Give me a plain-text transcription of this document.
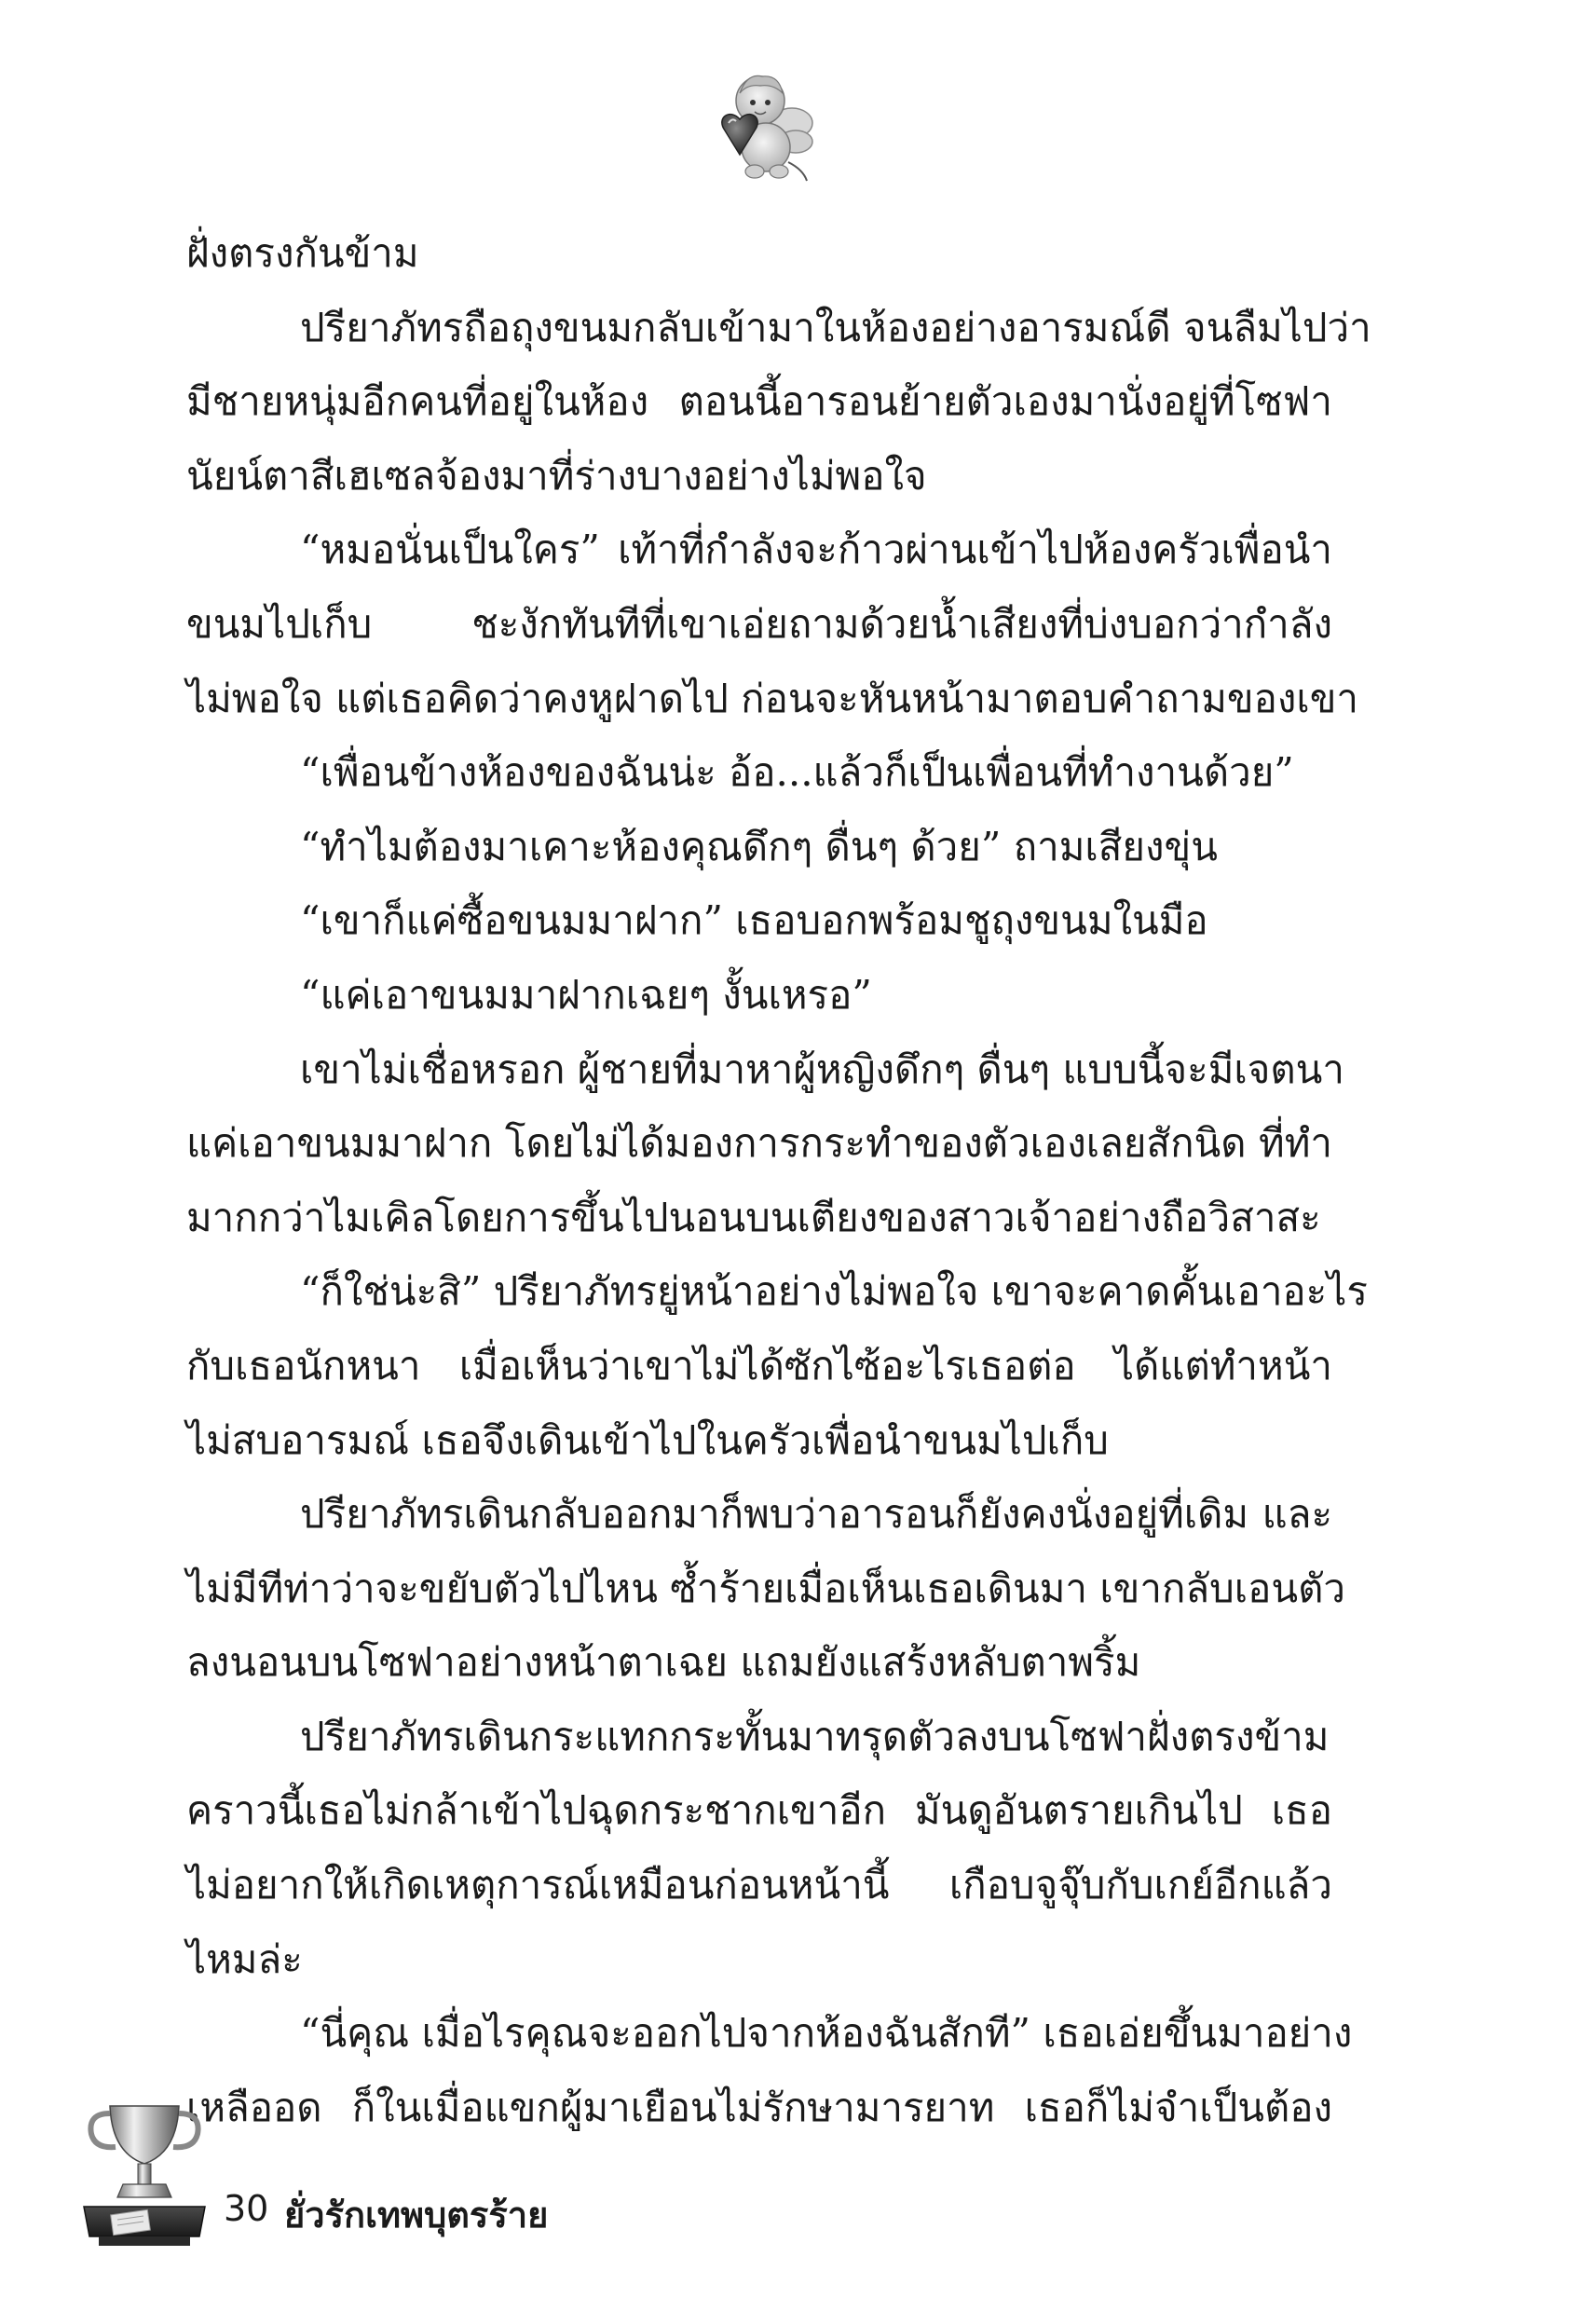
ฝั่งตรงกันข้าม
ปรียาภัทรถือถุงขนมกลับเข้ามาในห้องอย่างอารมณ์ดี จนลืมไปว่า
มีชายหนุ่มอีกคนที่อยู่ในห้อง ตอนนี้อารอนย้ายตัวเองมานั่งอยู่ที่โซฟา
นัยน์ตาสีเฮเซลจ้องมาที่ร่างบางอย่างไม่พอใจ
“หมอนั่นเป็นใคร” เท้าที่กำลังจะก้าวผ่านเข้าไปห้องครัวเพื่อนำ
ขนมไปเก็บ ชะงักทันทีที่เขาเอ่ยถามด้วยน้ำเสียงที่บ่งบอกว่ากำลัง
ไม่พอใจ แต่เธอคิดว่าคงหูฝาดไป ก่อนจะหันหน้ามาตอบคำถามของเขา
“เพื่อนข้างห้องของฉันน่ะ อ้อ...แล้วก็เป็นเพื่อนที่ทำงานด้วย”
“ทำไมต้องมาเคาะห้องคุณดึกๆ ดื่นๆ ด้วย” ถามเสียงขุ่น
“เขาก็แค่ซื้อขนมมาฝาก” เธอบอกพร้อมชูถุงขนมในมือ
“แค่เอาขนมมาฝากเฉยๆ งั้นเหรอ”
เขาไม่เชื่อหรอก ผู้ชายที่มาหาผู้หญิงดึกๆ ดื่นๆ แบบนี้จะมีเจตนา
แค่เอาขนมมาฝาก โดยไม่ได้มองการกระทำของตัวเองเลยสักนิด ที่ทำ
มากกว่าไมเคิลโดยการขึ้นไปนอนบนเตียงของสาวเจ้าอย่างถือวิสาสะ
“ก็ใช่น่ะสิ” ปรียาภัทรยู่หน้าอย่างไม่พอใจ เขาจะคาดคั้นเอาอะไร
กับเธอนักหนา เมื่อเห็นว่าเขาไม่ได้ซักไซ้อะไรเธอต่อ ได้แต่ทำหน้า
ไม่สบอารมณ์ เธอจึงเดินเข้าไปในครัวเพื่อนำขนมไปเก็บ
ปรียาภัทรเดินกลับออกมาก็พบว่าอารอนก็ยังคงนั่งอยู่ที่เดิม และ
ไม่มีทีท่าว่าจะขยับตัวไปไหน ซ้ำร้ายเมื่อเห็นเธอเดินมา เขากลับเอนตัว
ลงนอนบนโซฟาอย่างหน้าตาเฉย แถมยังแสร้งหลับตาพริ้ม
ปรียาภัทรเดินกระแทกกระทั้นมาทรุดตัวลงบนโซฟาฝั่งตรงข้าม
คราวนี้เธอไม่กล้าเข้าไปฉุดกระชากเขาอีก มันดูอันตรายเกินไป เธอ
ไม่อยากให้เกิดเหตุการณ์เหมือนก่อนหน้านี้ เกือบจูจุ๊บกับเกย์อีกแล้ว
ไหมล่ะ
“นี่คุณ เมื่อไรคุณจะออกไปจากห้องฉันสักที” เธอเอ่ยขึ้นมาอย่าง
เหลืออด ก็ในเมื่อแขกผู้มาเยือนไม่รักษามารยาท เธอก็ไม่จำเป็นต้อง
30 ยั่วรักเทพบุตรร้าย
